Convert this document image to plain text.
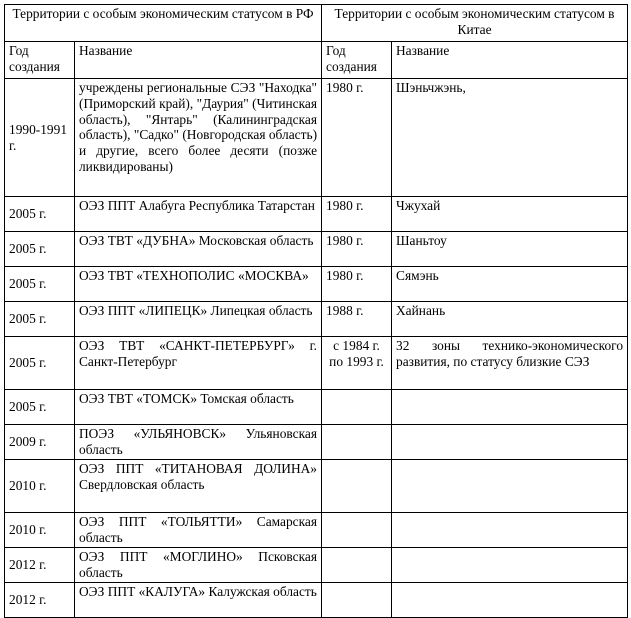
Территории с особым экономическим статусом в РФ		Территории с особым экономическим статусом в Китае	
Год создания	Название	Год создания	Название
1990-1991 г.	учреждены региональные СЭЗ "Находка" (Приморский край), "Даурия" (Читинская область), "Янтарь" (Калининградская область), "Садко" (Новгородская область) и другие, всего более десяти (позже ликвидированы)	1980 г.	Шэньчжэнь,
2005 г.	ОЭЗ ППТ Алабуга Республика Татарстан	1980 г.	Чжухай
2005 г.	ОЭЗ ТВТ «ДУБНА» Московская область	1980 г.	Шаньтоу
2005 г.	ОЭЗ ТВТ «ТЕХНОПОЛИС «МОСКВА»	1980 г.	Сямэнь
2005 г.	ОЭЗ ППТ «ЛИПЕЦК» Липецкая область	1988 г.	Хайнань
2005 г.	ОЭЗ ТВТ «САНКТ-ПЕТЕРБУРГ» г. Санкт-Петербург	с 1984 г. по 1993 г.	32 зоны технико-экономического развития, по статусу близкие СЭЗ
2005 г.	ОЭЗ ТВТ «ТОМСК» Томская область		
2009 г.	ПОЭЗ «УЛЬЯНОВСК» Ульяновская область		
2010 г.	ОЭЗ ППТ «ТИТАНОВАЯ ДОЛИНА» Свердловская область		
2010 г.	ОЭЗ ППТ «ТОЛЬЯТТИ» Самарская область		
2012 г.	ОЭЗ ППТ «МОГЛИНО» Псковская область		
2012 г.	ОЭЗ ППТ «КАЛУГА» Калужская область		
